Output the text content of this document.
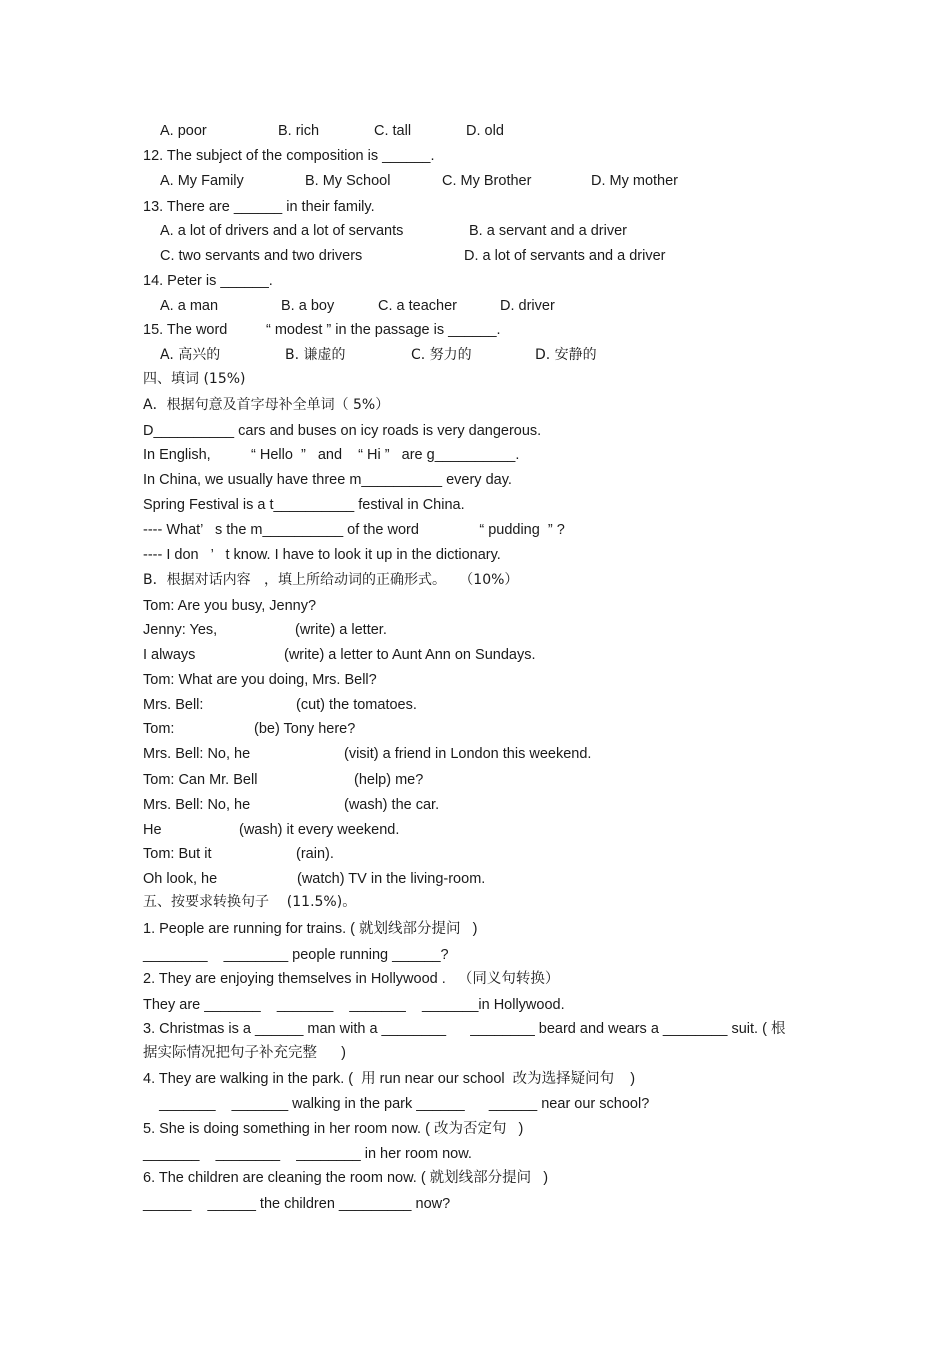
A. poor	B. rich	C. tall	D. old
12. The subject of the composition is ______.
A. My Family	B. My School	C. My Brother	D. My mother
13. There are ______ in their family.
A. a lot of drivers and a lot of servants	B. a servant and a driver
C. two servants and two drivers	D. a lot of servants and a driver
14. Peter is ______.
A. a man	B. a boy	C. a teacher	D. driver
15. The word	“ modest ” in the passage is ______.
A. 高兴的	B. 谦虚的	C. 努力的	D. 安静的
四、填词 (15%)
A．根据句意及首字母补全单词（ 5%）
D__________ cars and buses on icy roads is very dangerous.
In English,          “ Hello  ”   and    “ Hi ”   are g__________.
In China, we usually have three m__________ every day.
Spring Festival is a t__________ festival in China.
---- What’   s the m__________ of the word               “ pudding  ” ?
---- I don   ’   t know. I have to look it up in the dictionary.
B．根据对话内容   ，填上所给动词的正确形式。   （10%）
Tom: Are you busy, Jenny?
Jenny: Yes,	(write) a letter.
I always	(write) a letter to Aunt Ann on Sundays.
Tom: What are you doing, Mrs. Bell?
Mrs. Bell:	(cut) the tomatoes.
Tom:	(be) Tony here?
Mrs. Bell: No, he	(visit) a friend in London this weekend.
Tom: Can Mr. Bell	(help) me?
Mrs. Bell: No, he	(wash) the car.
He	(wash) it every weekend.
Tom: But it	(rain).
Oh look, he	(watch) TV in the living-room.
五、按要求转换句子    (11.5%)。
1. People are running for trains. ( 就划线部分提问   )
________    ________ people running ______?
2. They are enjoying themselves in Hollywood .   （同义句转换）
They are _______    _______    _______    _______in Hollywood.
3. Christmas is a ______ man with a ________      ________ beard and wears a ________ suit. ( 根
据实际情况把句子补充完整      )
4. They are walking in the park. (  用 run near our school  改为选择疑问句    )
_______    _______ walking in the park ______      ______ near our school?
5. She is doing something in her room now. ( 改为否定句   )
_______    ________    ________ in her room now.
6. The children are cleaning the room now. ( 就划线部分提问   )
______    ______ the children _________ now?
